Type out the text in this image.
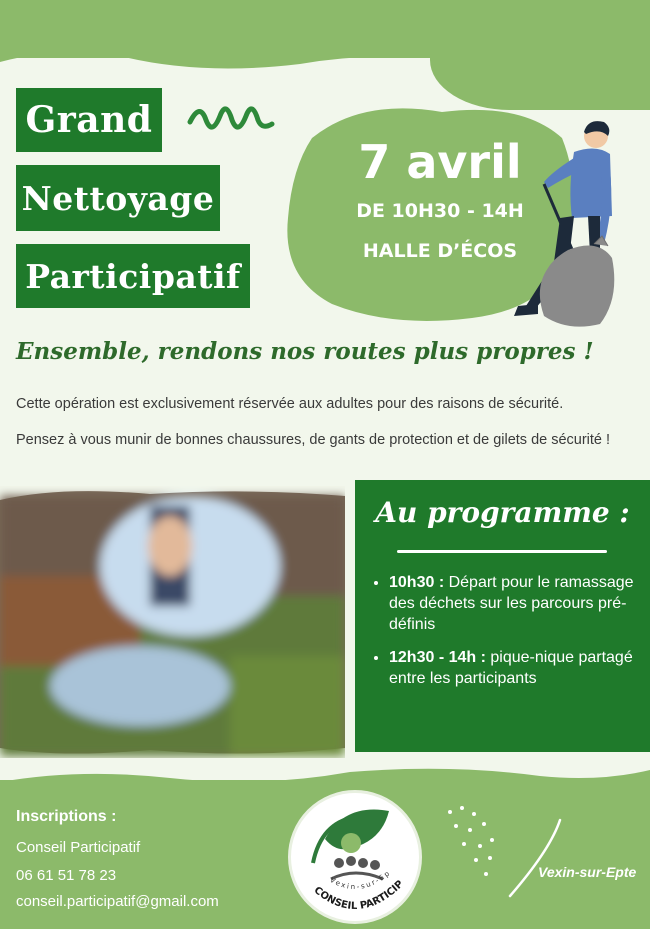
Grand
Nettoyage
Participatif
7 avril
DE 10H30 - 14H
HALLE D’ÉCOS
Ensemble, rendons nos routes plus propres !
Cette opération est exclusivement réservée aux adultes pour des raisons de sécurité.
Pensez à vous munir de bonnes chaussures, de gants de protection et de gilets de sécurité !
Au programme :
• 10h30 : Départ pour le ramassage des déchets sur les parcours pré-définis
• 12h30 - 14h : pique-nique partagé entre les participants
Inscriptions :
Conseil Participatif
06 61 51 78 23
conseil.participatif@gmail.com
Vexin-sur-Ep
CONSEIL PARTICIP
Vexin-sur-Epte
